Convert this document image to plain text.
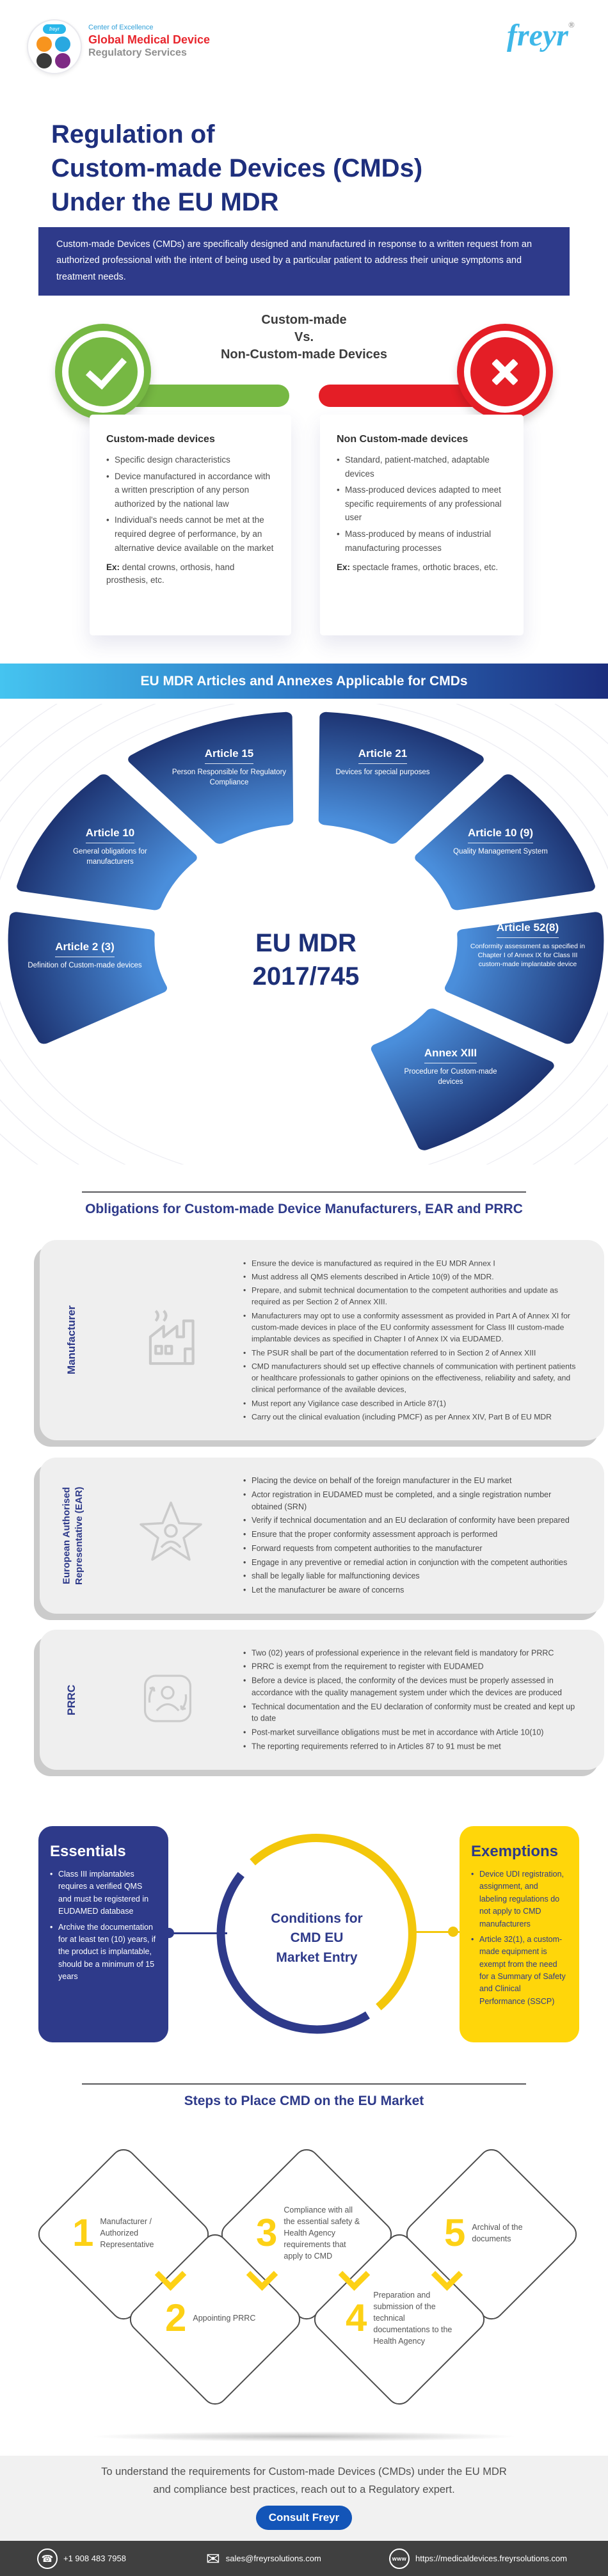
freyr	Center of Excellence
Global Medical Device
Regulatory Services
freyr®
Regulation of
Custom-made Devices (CMDs)
Under the EU MDR
Custom-made Devices (CMDs) are specifically designed and manufactured in response to a written request from an authorized professional with the intent of being used by a particular patient to address their unique symptoms and treatment needs.
Custom-made
Vs.
Non-Custom-made Devices
Custom-made devices
• Specific design characteristics
• Device manufactured in accordance with a written prescription of any person authorized by the national law
• Individual's needs cannot be met at the required degree of performance, by an alternative device available on the market
Ex: dental crowns, orthosis, hand prosthesis, etc.
Non Custom-made devices
• Standard, patient-matched, adaptable devices
• Mass-produced devices adapted to meet specific requirements of any professional user
• Mass-produced by means of industrial manufacturing processes
Ex: spectacle frames, orthotic braces, etc.
EU MDR Articles and Annexes Applicable for CMDs
EU MDR
2017/745
Article 2 (3)
Definition of Custom-made devices
Article 10
General obligations for manufacturers
Article 15
Person Responsible for Regulatory Compliance
Article 21
Devices for special purposes
Article 10 (9)
Quality Management System
Article 52(8)
Conformity assessment as specified in Chapter I of Annex IX for Class III custom-made implantable device
Annex XIII
Procedure for Custom-made devices
Obligations for Custom-made Device Manufacturers, EAR and PRRC
Manufacturer
• Ensure the device is manufactured as required in the EU MDR Annex I
• Must address all QMS elements described in Article 10(9) of the MDR.
• Prepare, and submit technical documentation to the competent authorities and update as required as per Section 2 of Annex XIII.
• Manufacturers may opt to use a conformity assessment as provided in Part A of Annex XI for custom-made devices in place of the EU conformity assessment for Class III custom-made implantable devices as specified in Chapter I of Annex IX via EUDAMED.
• The PSUR shall be part of the documentation referred to in Section 2 of Annex XIII
• CMD manufacturers should set up effective channels of communication with pertinent patients or healthcare professionals to gather opinions on the effectiveness, reliability and safety, and clinical performance of the available devices,
• Must report any Vigilance case described in Article 87(1)
• Carry out the clinical evaluation (including PMCF) as per Annex XIV, Part B of EU MDR
European Authorised Representative (EAR)
• Placing the device on behalf of the foreign manufacturer in the EU market
• Actor registration in EUDAMED must be completed, and a single registration number obtained (SRN)
• Verify if technical documentation and an EU declaration of conformity have been prepared
• Ensure that the proper conformity assessment approach is performed
• Forward requests from competent authorities to the manufacturer
• Engage in any preventive or remedial action in conjunction with the competent authorities
• shall be legally liable for malfunctioning devices
• Let the manufacturer be aware of concerns
PRRC
• Two (02) years of professional experience in the relevant field is mandatory for PRRC
• PRRC is exempt from the requirement to register with EUDAMED
• Before a device is placed, the conformity of the devices must be properly assessed in accordance with the quality management system under which the devices are produced
• Technical documentation and the EU declaration of conformity must be created and kept up to date
• Post-market surveillance obligations must be met in accordance with Article 10(10)
• The reporting requirements referred to in Articles 87 to 91 must be met
Essentials
• Class III implantables requires a verified QMS and must be registered in EUDAMED database
• Archive the documentation for at least ten (10) years, if the product is implantable, should be a minimum of 15 years
Conditions for
CMD EU
Market Entry
Exemptions
• Device UDI registration, assignment, and labeling regulations do not apply to CMD manufacturers
• Article 32(1), a custom-made equipment is exempt from the need for a Summary of Safety and Clinical Performance (SSCP)
Steps to Place CMD on the EU Market
1 Manufacturer / Authorized Representative	3
Compliance with all the essential safety & Health Agency requirements that apply to CMD
5 Archival of the documents
2 Appointing PRRC 4
Preparation and submission of the technical documentations to the Health Agency
To understand the requirements for Custom-made Devices (CMDs) under the EU MDR
and compliance best practices, reach out to a Regulatory expert.
Consult Freyr
☎	+1 908 483 7958	✉ sales@freyrsolutions.com	www https://medicaldevices.freyrsolutions.com
